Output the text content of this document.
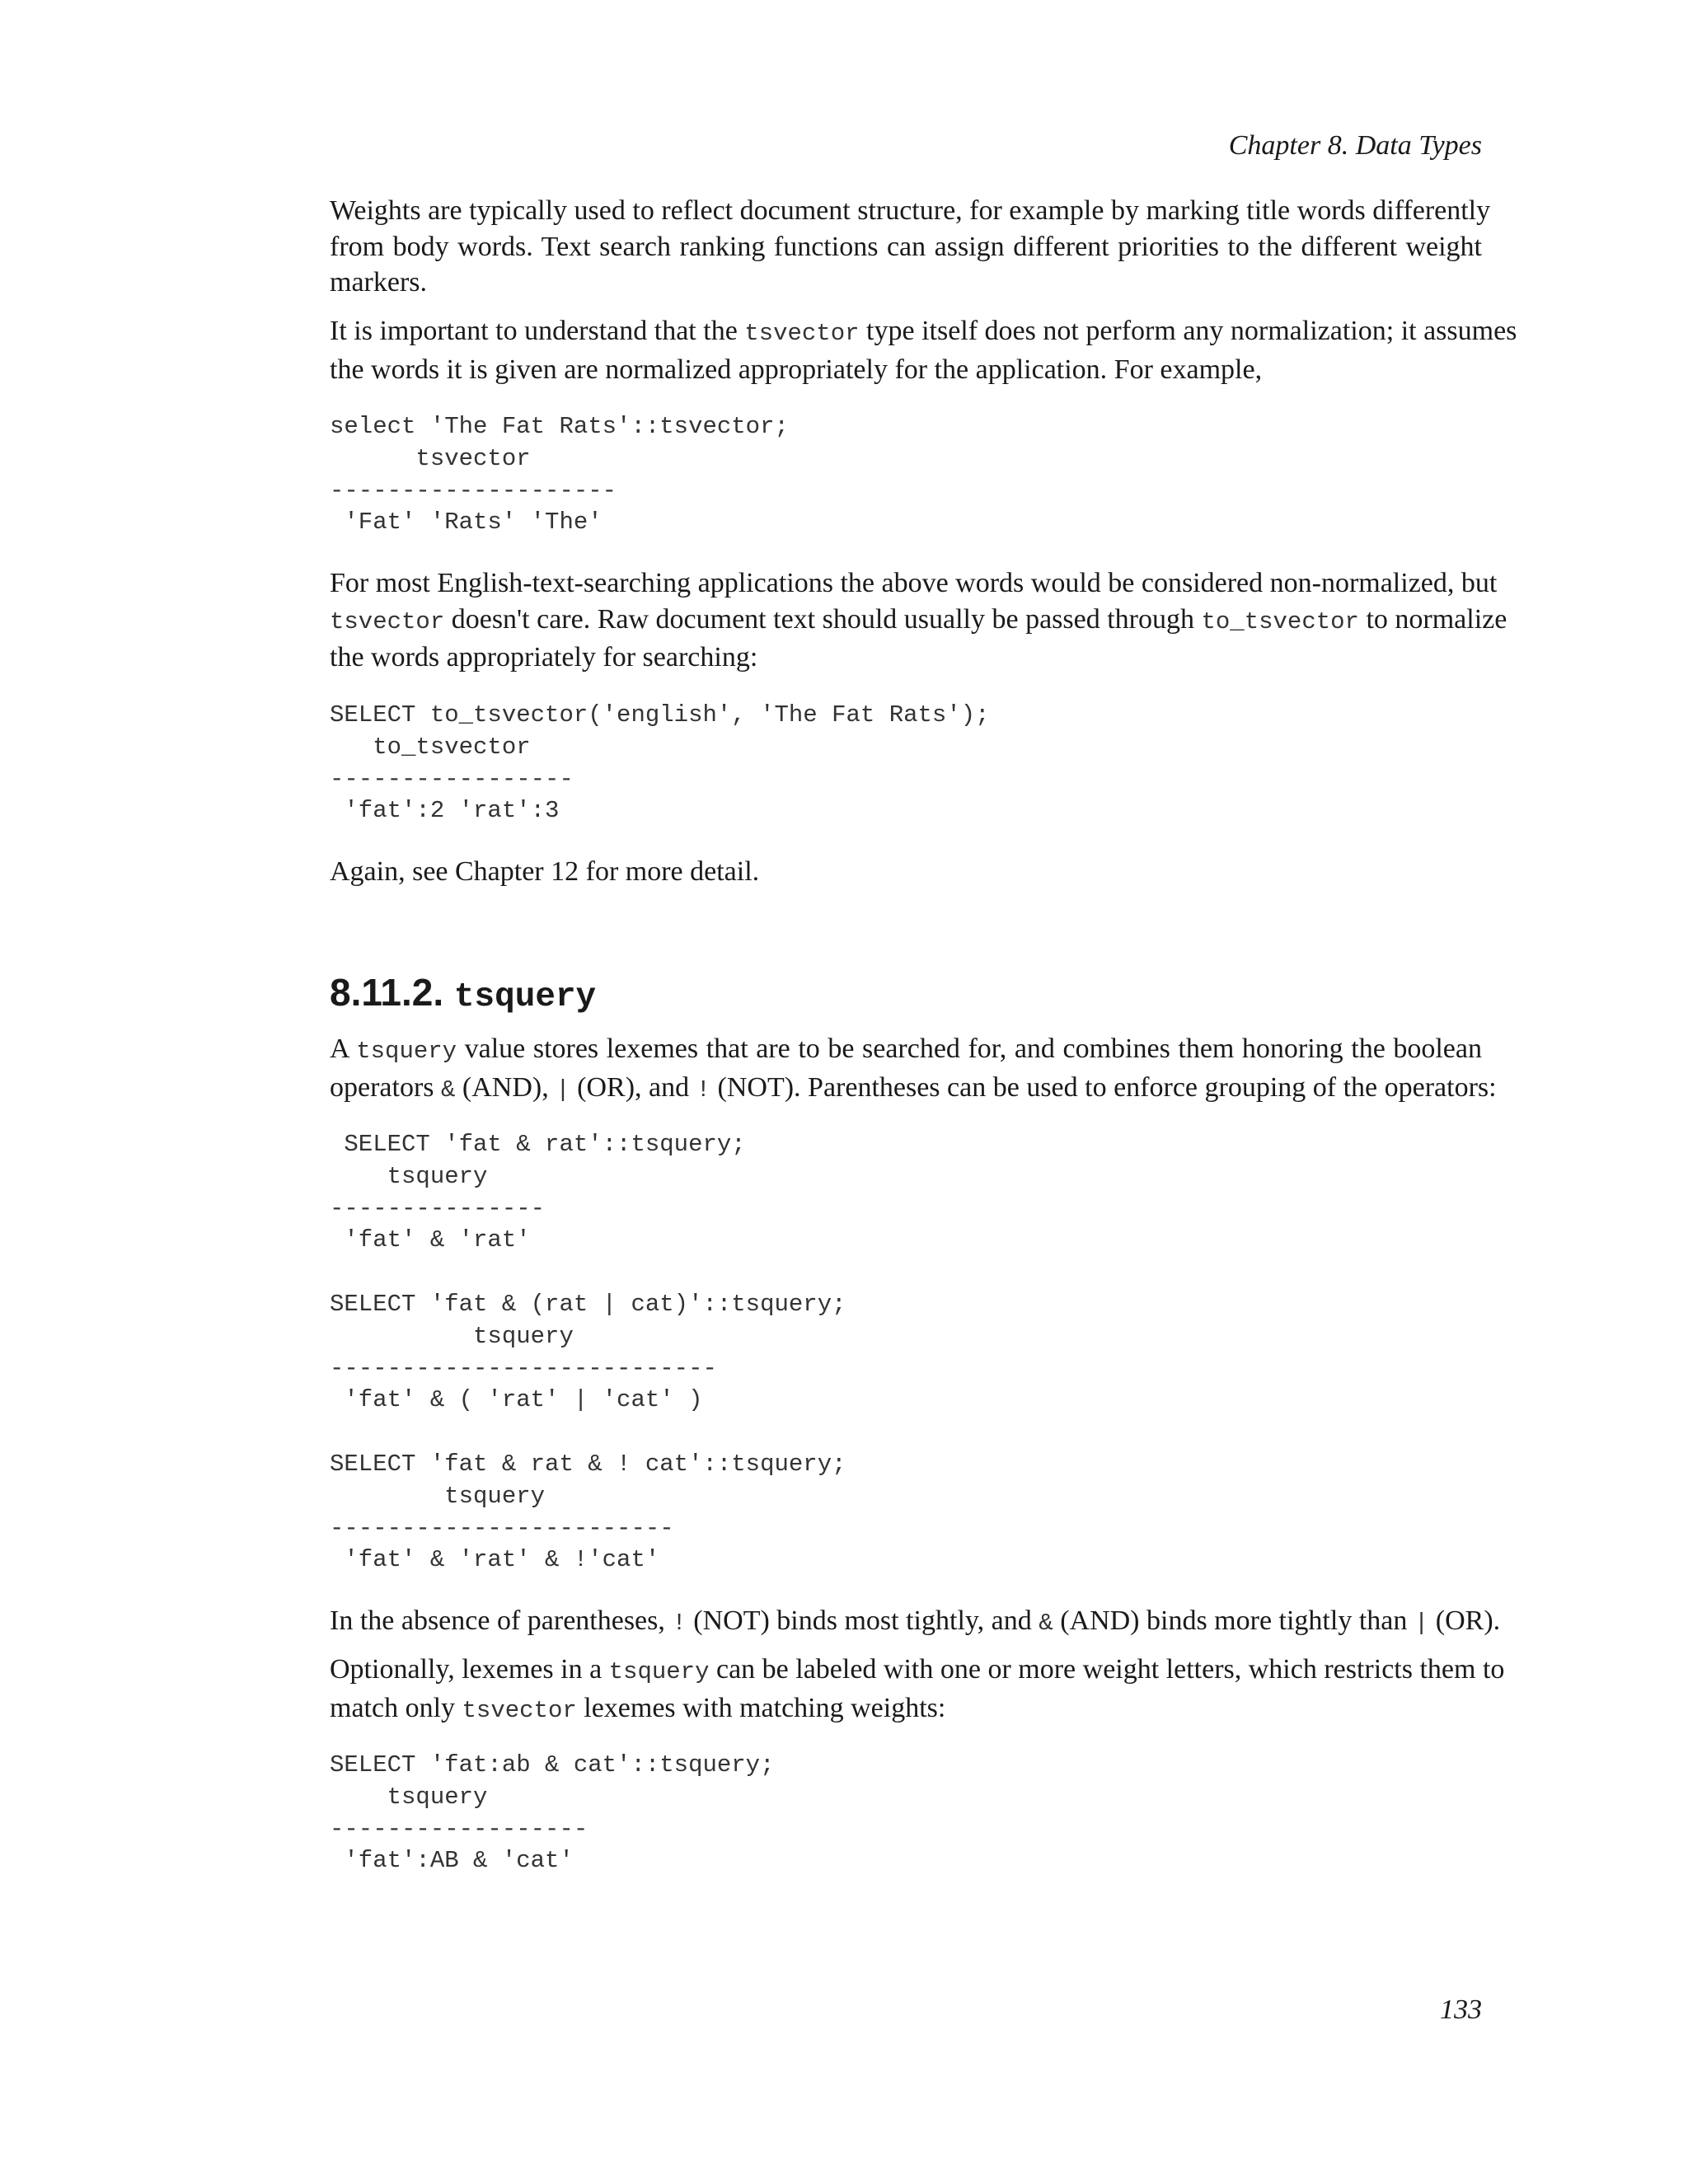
Chapter 8. Data Types

Weights are typically used to reflect document structure, for example by marking title words differently
from body words. Text search ranking functions can assign different priorities to the different weight
markers.

It is important to understand that the tsvector type itself does not perform any normalization; it assumes
the words it is given are normalized appropriately for the application. For example,

select 'The Fat Rats'::tsvector;
tsvector
--------------------
'Fat' 'Rats' 'The'

For most English-text-searching applications the above words would be considered non-normalized, but
tsvector doesn't care. Raw document text should usually be passed through to_tsvector to normalize
the words appropriately for searching:

SELECT to_tsvector('english', 'The Fat Rats');
to_tsvector
-----------------
'fat':2 'rat':3

Again, see Chapter 12 for more detail.

8.11.2. tsquery

A tsquery value stores lexemes that are to be searched for, and combines them honoring the boolean
operators & (AND), | (OR), and ! (NOT). Parentheses can be used to enforce grouping of the operators:

SELECT 'fat & rat'::tsquery;
tsquery
---------------
'fat' & 'rat'

SELECT 'fat & (rat | cat)'::tsquery;
tsquery
---------------------------
'fat' & ( 'rat' | 'cat' )

SELECT 'fat & rat & ! cat'::tsquery;
tsquery
------------------------
'fat' & 'rat' & !'cat'

In the absence of parentheses, ! (NOT) binds most tightly, and & (AND) binds more tightly than | (OR).

Optionally, lexemes in a tsquery can be labeled with one or more weight letters, which restricts them to
match only tsvector lexemes with matching weights:

SELECT 'fat:ab & cat'::tsquery;
tsquery
------------------
'fat':AB & 'cat'
133
